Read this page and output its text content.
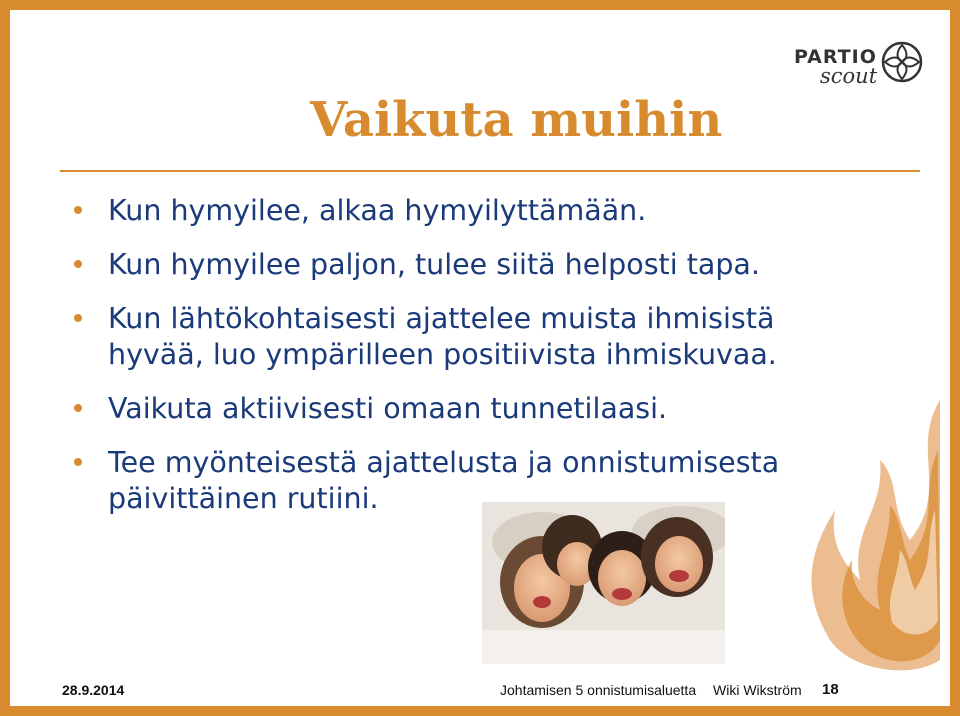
PARTIO
scout
Vaikuta muihin
Kun hymyilee, alkaa hymyilyttämään.
Kun hymyilee paljon, tulee siitä helposti tapa.
Kun lähtökohtaisesti ajattelee muista ihmisistä hyvää, luo ympärilleen positiivista ihmiskuvaa.
Vaikuta aktiivisesti omaan tunnetilaasi.
Tee myönteisestä ajattelusta ja onnistumisesta päivittäinen rutiini.
28.9.2014	Johtamisen 5 onnistumisaluetta Wiki Wikström 18
